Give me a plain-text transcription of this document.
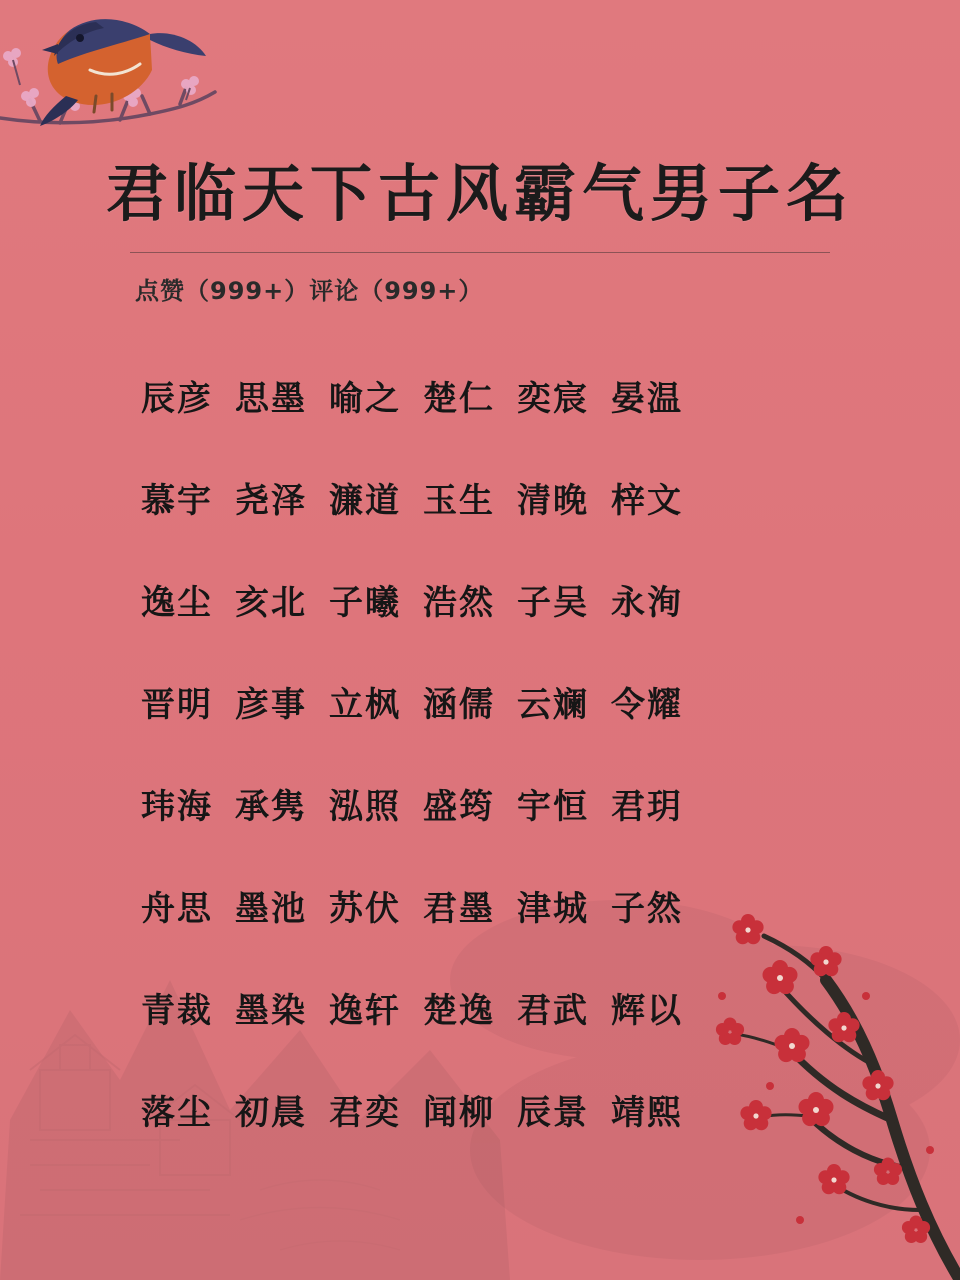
君临天下古风霸气男子名
点赞（999+）评论（999+）
辰彦 思墨 喻之 楚仁 奕宸 晏温
慕宇 尧泽 濂道 玉生 清晚 梓文
逸尘 亥北 子曦 浩然 子吴 永洵
晋明 彦事 立枫 涵儒 云斓 令耀
玮海 承隽 泓照 盛筠 宇恒 君玥
舟思 墨池 苏伏 君墨 津城 子然
青裁 墨染 逸轩 楚逸 君武 辉以
落尘 初晨 君奕 闻柳 辰景 靖熙
